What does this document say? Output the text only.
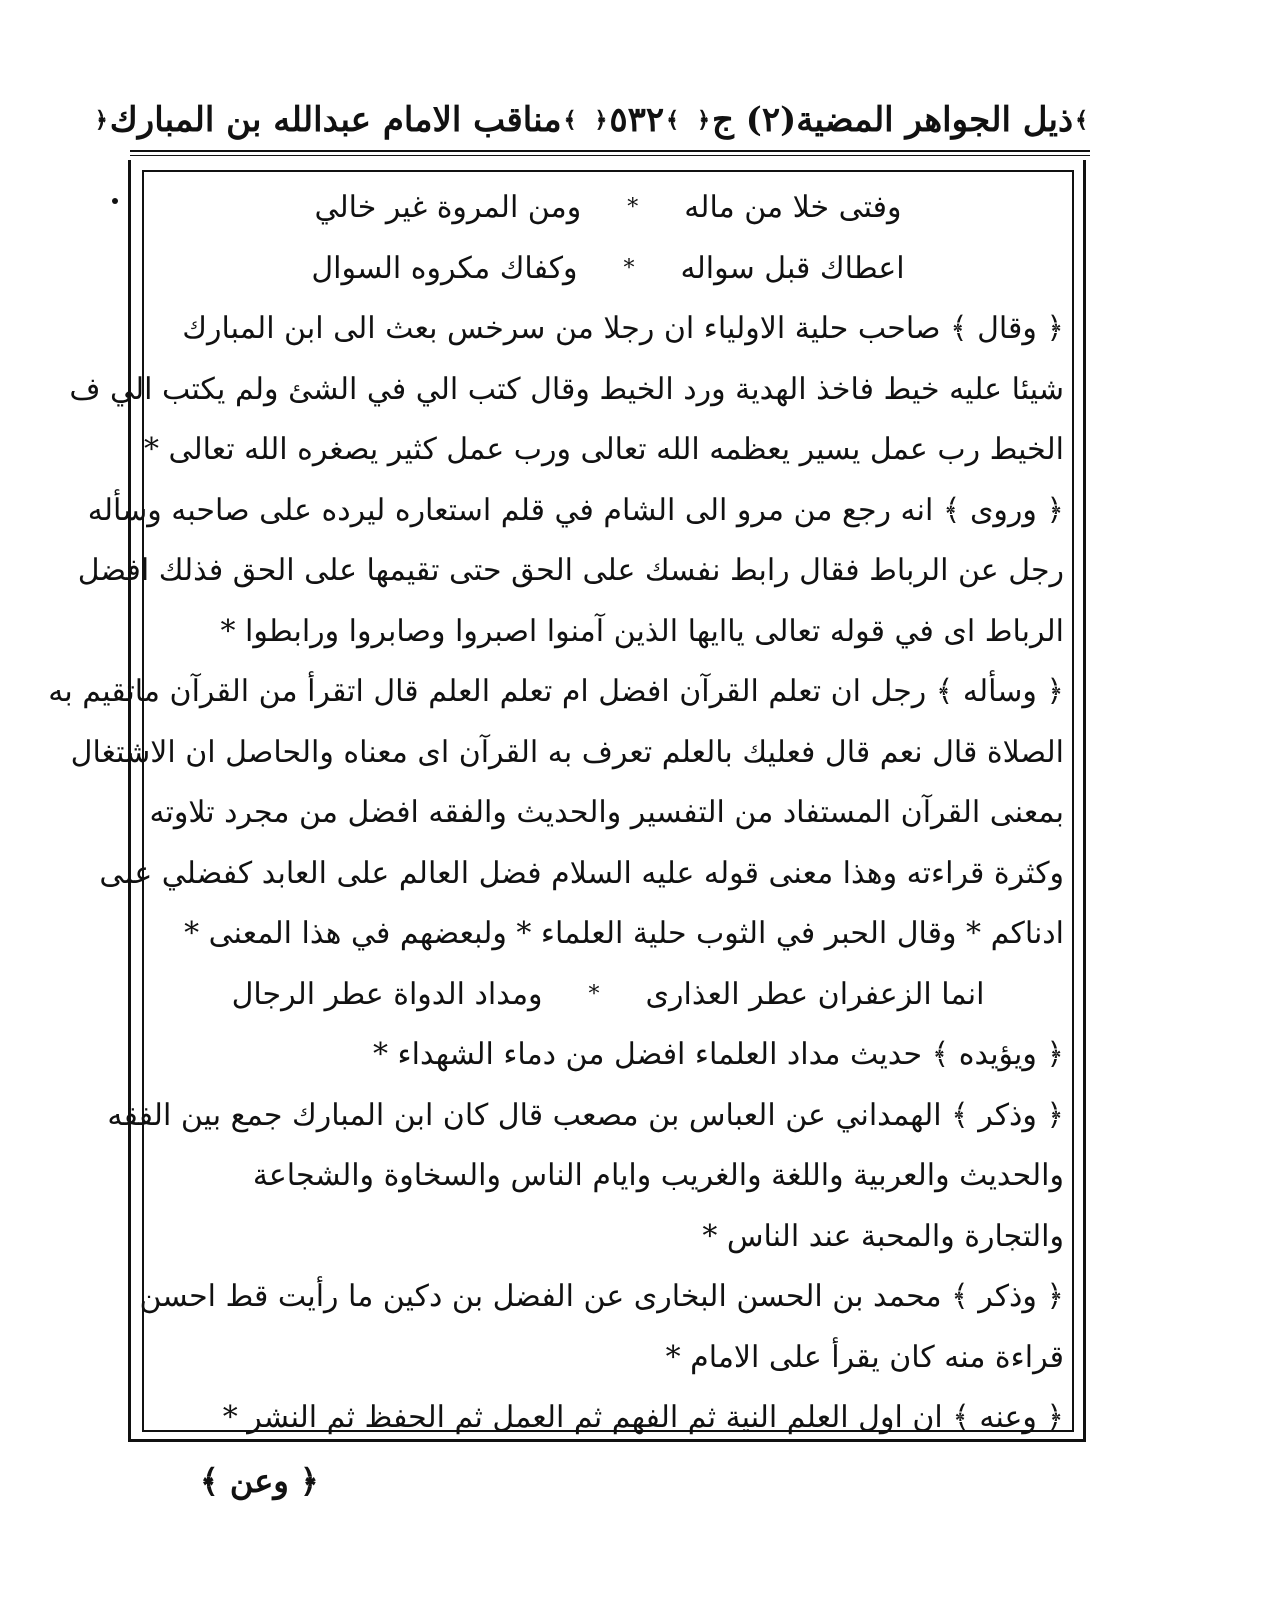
﴾
ذيل الجواهر المضية
(٢) ج
﴿
﴾
٥٣٢
﴿
﴾
مناقب الامام عبدالله بن المبارك
﴿
وفتى خلا من ماله
*
ومن المروة غير خالي
اعطاك قبل سواله
*
وكفاك مكروه السوال
﴿ وقال ﴾ صاحب حلية الاولياء ان رجلا من سرخس بعث الى ابن المبارك
شيئا عليه خيط فاخذ الهدية ورد الخيط وقال كتب الي في الشئ ولم يكتب الي ف
الخيط رب عمل يسير يعظمه الله تعالى ورب عمل كثير يصغره الله تعالى *
﴿ وروى ﴾ انه رجع من مرو الى الشام في قلم استعاره ليرده على صاحبه وسأله
رجل عن الرباط فقال رابط نفسك على الحق حتى تقيمها على الحق فذلك افضل
الرباط اى في قوله تعالى ياايها الذين آمنوا اصبروا وصابروا ورابطوا *
﴿ وسأله ﴾ رجل ان تعلم القرآن افضل ام تعلم العلم قال اتقرأ من القرآن ماتقيم به
الصلاة قال نعم قال فعليك بالعلم تعرف به القرآن اى معناه والحاصل ان الاشتغال
بمعنى القرآن المستفاد من التفسير والحديث والفقه افضل من مجرد تلاوته
وكثرة قراءته وهذا معنى قوله عليه السلام فضل العالم على العابد كفضلي على
ادناكم * وقال الحبر في الثوب حلية العلماء * ولبعضهم في هذا المعنى *
انما الزعفران عطر العذارى
*
ومداد الدواة عطر الرجال
﴿ ويؤيده ﴾ حديث مداد العلماء افضل من دماء الشهداء *
﴿ وذكر ﴾ الهمداني عن العباس بن مصعب قال كان ابن المبارك جمع بين الفقه
والحديث والعربية واللغة والغريب وايام الناس والسخاوة والشجاعة
والتجارة والمحبة عند الناس *
﴿ وذكر ﴾ محمد بن الحسن البخارى عن الفضل بن دكين ما رأيت قط احسن
قراءة منه كان يقرأ على الامام *
﴿ وعنه ﴾ ان اول العلم النية ثم الفهم ثم العمل ثم الحفظ ثم النشر *
﴿ وعن ﴾
